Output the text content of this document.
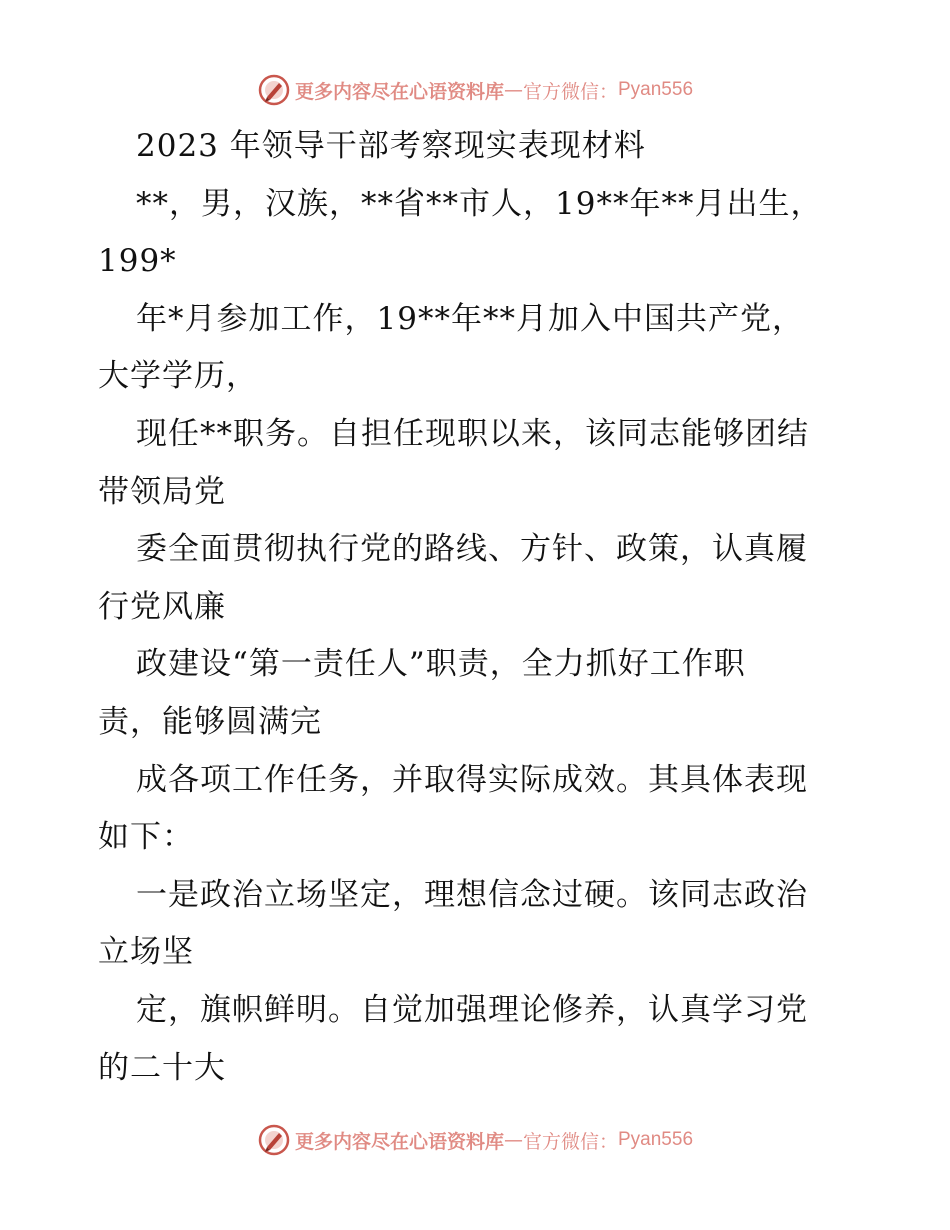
更多内容尽在心语资料库 — 官方微信： Pyan556
2023 年领导干部考察现实表现材料
**，男，汉族，**省**市人，19**年**月出生，
199*
年*月参加工作，19**年**月加入中国共产党，
大学学历，
现任**职务。自担任现职以来，该同志能够团结
带领局党
委全面贯彻执行党的路线、方针、政策，认真履
行党风廉
政建设“第一责任人”职责，全力抓好工作职
责，能够圆满完
成各项工作任务，并取得实际成效。其具体表现
如下：
一是政治立场坚定，理想信念过硬。该同志政治
立场坚
定，旗帜鲜明。自觉加强理论修养，认真学习党
的二十大
更多内容尽在心语资料库 — 官方微信： Pyan556
